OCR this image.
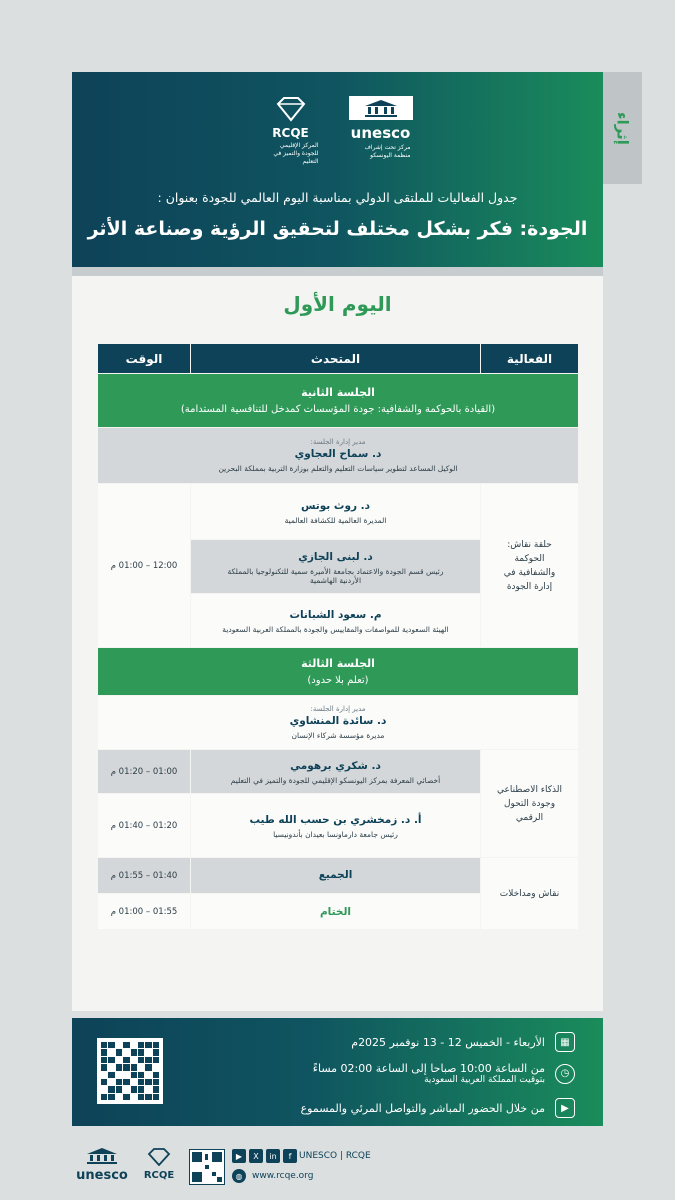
إثراء
RCQE
المركز الإقليمي للجودة والتميز في التعليم
unesco
مركز تحت إشراف منظمة اليونسكو
جدول الفعاليات للملتقى الدولي بمناسبة اليوم العالمي للجودة بعنوان :
الجودة: فكر بشكل مختلف لتحقيق الرؤية وصناعة الأثر
اليوم الأول
الفعالية	المتحدث	الوقت

الجلسة الثانية
(القيادة بالحوكمة والشفافية: جودة المؤسسات كمدخل للتنافسية المستدامة)		

مدير إدارة الجلسة:
د. سماح العجاوي
الوكيل المساعد لتطوير سياسات التعليم والتعلم بوزارة التربية بمملكة البحرين		

حلقة نقاش: الحوكمة والشفافية في إدارة الجودة	د. روث بوتس
المديرة العالمية للكشافة العالمية	12:00 – 01:00 م

	د. لبنى الجازي
رئيس قسم الجودة والاعتماد بجامعة الأميرة سمية للتكنولوجيا بالمملكة الأردنية الهاشمية	

	م. سعود الشبانات
الهيئة السعودية للمواصفات والمقاييس والجودة بالمملكة العربية السعودية	

الجلسة الثالثة
(تعلم بلا حدود)		

مدير إدارة الجلسة:
د. سائدة المنشاوي
مديرة مؤسسة شركاء الإنسان		

الذكاء الاصطناعي وجودة التحول الرقمي	د. شكري برهومي
أخصائي المعرفة بمركز اليونسكو الإقليمي للجودة والتميز في التعليم	01:00 – 01:20 م

	أ. د. زمخشري بن حسب الله طيب
رئيس جامعة دارماونسا بعيدان بأندونيسيا	01:20 – 01:40 م
نقاش ومداخلات	الجميع	01:40 – 01:55 م

	الختام	01:55 – 01:00 م
▦
الأربعاء - الخميس 12 - 13 نوفمبر 2025م
◷
من الساعة 10:00 صباحا إلى الساعة 02:00 مساءً
بتوقيت المملكة العربية السعودية
▶
من خلال الحضور المباشر والتواصل المرئي والمسموع
unesco	RCQE
▶	X	in	f UNESCO | RCQE
◍	www.rcqe.org
